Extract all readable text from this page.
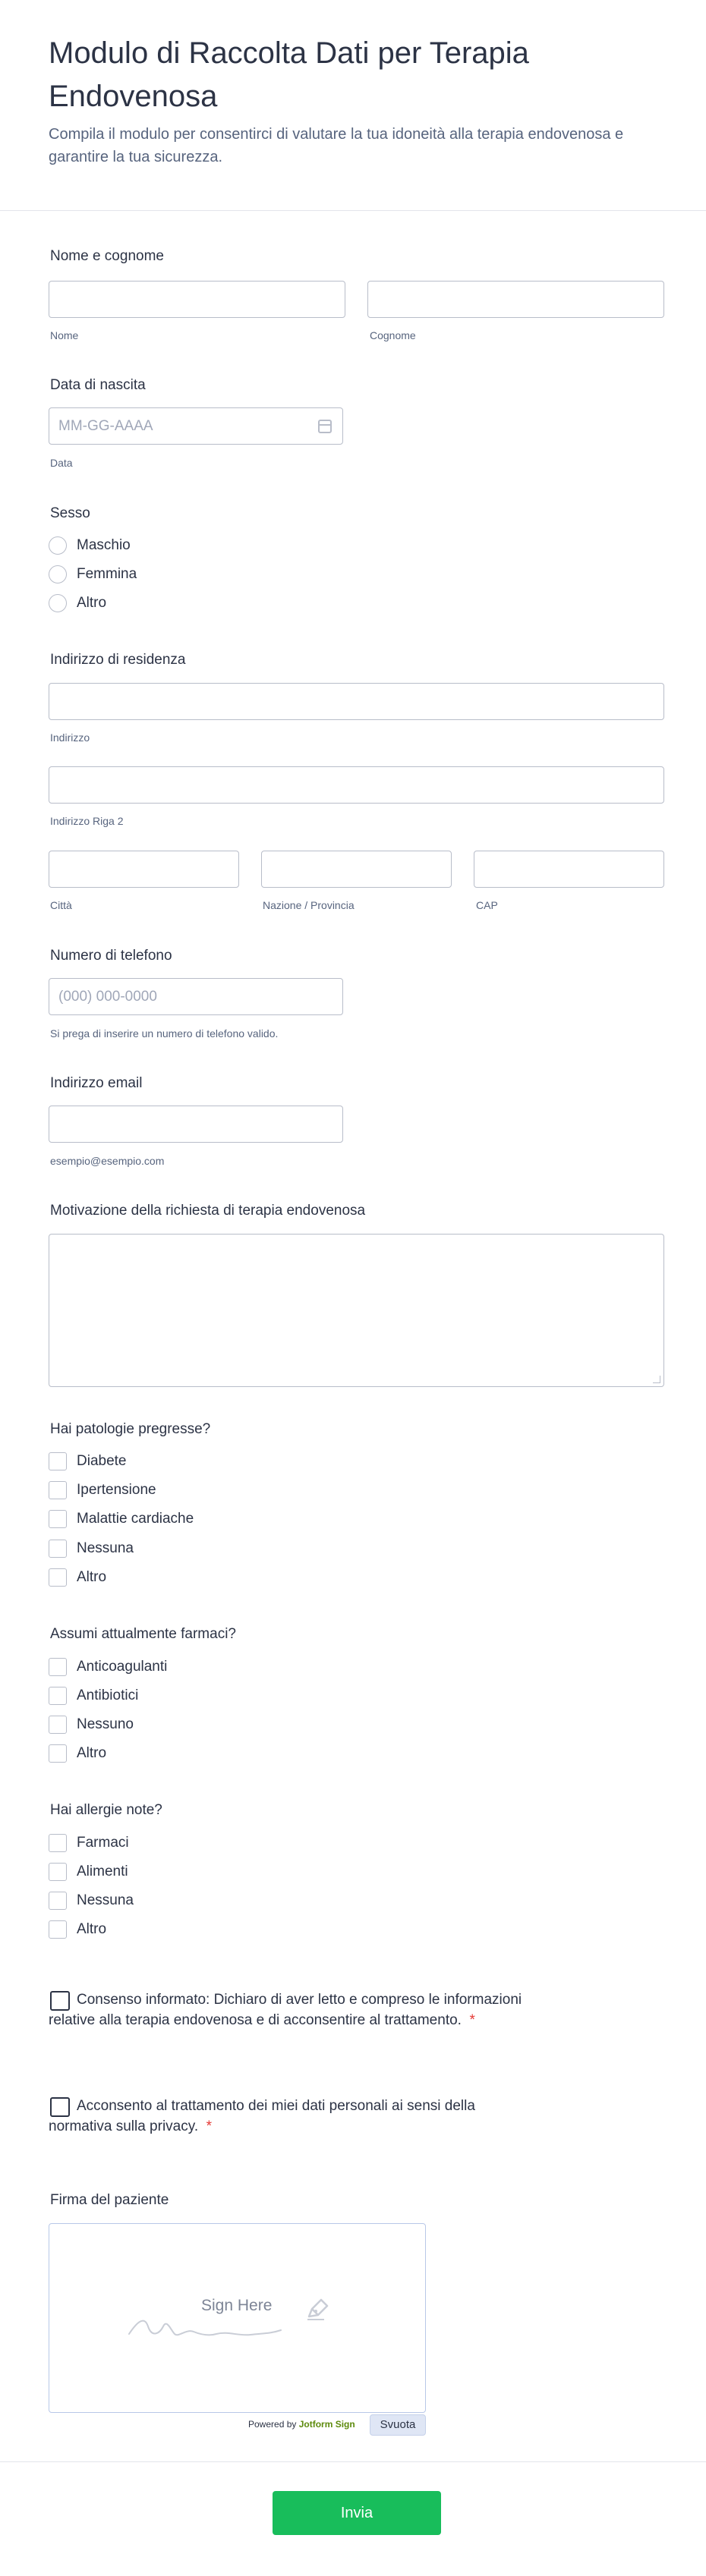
Modulo di Raccolta Dati per Terapia Endovenosa

Compila il modulo per consentirci di valutare la tua idoneità alla terapia endovenosa e garantire la tua sicurezza.

Nome e cognome
Nome	Cognome
Data di nascita
MM-GG-AAAA
Data
Sesso
Maschio
Femmina
Altro
Indirizzo di residenza
Indirizzo
Indirizzo Riga 2
Città	Nazione / Provincia	CAP
Numero di telefono
(000) 000-0000
Si prega di inserire un numero di telefono valido.
Indirizzo email
esempio@esempio.com
Motivazione della richiesta di terapia endovenosa
Hai patologie pregresse?
Diabete
Ipertensione
Malattie cardiache
Nessuna
Altro
Assumi attualmente farmaci?
Anticoagulanti
Antibiotici
Nessuno
Altro
Hai allergie note?
Farmaci
Alimenti
Nessuna
Altro
Consenso informato: Dichiaro di aver letto e compreso le informazioni
relative alla terapia endovenosa e di acconsentire al trattamento. *
Acconsento al trattamento dei miei dati personali ai sensi della
normativa sulla privacy. *
Firma del paziente
Sign Here
Powered by Jotform Sign	Svuota
Invia
